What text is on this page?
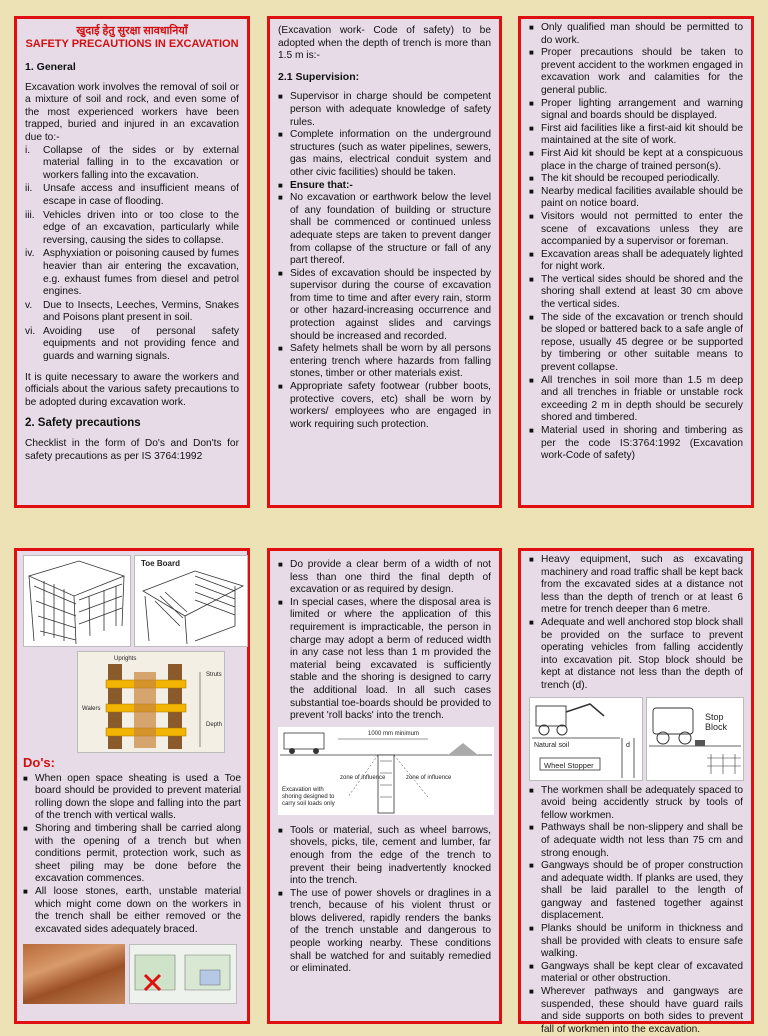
खुदाई हेतु सुरक्षा सावधानियाँ
SAFETY PRECAUTIONS IN EXCAVATION
1. General
Excavation work involves the removal of soil or a mixture of soil and rock, and even some of the most experienced workers have been trapped, buried and injured in an excavation due to:-
i.	Collapse of the sides or by external material falling in to the excavation or workers falling into the excavation.
ii.	Unsafe access and insufficient means of escape in case of flooding.
iii. Vehicles driven into or too close to the edge of an excavation, particularly while reversing, causing the sides to collapse.
iv. Asphyxiation or poisoning caused by fumes heavier than air entering the excavation, e.g. exhaust fumes from diesel and petrol engines.
v.	Due to Insects, Leeches, Vermins, Snakes and Poisons plant present in soil.
vi. Avoiding use of personal safety equipments and not providing fence and guards and warning signals.
It is quite necessary to aware the workers and officials about the various safety precautions to be adopted during excavation work.
2. Safety precautions
Checklist in the form of Do's and Don'ts for safety precautions as per IS 3764:1992
(Excavation work- Code of safety) to be adopted when the depth of trench is more than 1.5 m is:-
2.1 Supervision:
■ Supervisor in charge should be competent person with adequate knowledge of safety rules.
■ Complete information on the underground structures (such as water pipelines, sewers, gas mains, electrical conduit system and other civic facilities) should be taken.
■ Ensure that:-
■ No excavation or earthwork below the level of any foundation of building or structure shall be commenced or continued unless adequate steps are taken to prevent danger from collapse of the structure or fall of any part thereof.
■ Sides of excavation should be inspected by supervisor during the course of excavation from time to time and after every rain, storm or other hazard-increasing occurrence and protection against slides and carvings should be increased and recorded.
■ Safety helmets shall be worn by all persons entering trench where hazards from falling stones, timber or other materials exist.
■ Appropriate safety footwear (rubber boots, protective covers, etc) shall be worn by workers/ employees who are engaged in work requiring such protection.
■ Only qualified man should be permitted to do work.
■ Proper precautions should be taken to prevent accident to the workmen engaged in excavation work and calamities for the general public.
■ Proper lighting arrangement and warning signal and boards should be displayed.
■ First aid facilities like a first-aid kit should be maintained at the site of work.
■ First Aid kit should be kept at a conspicuous place in the charge of trained person(s).
■ The kit should be recouped periodically.
■ Nearby medical facilities available should be paint on notice board.
■ Visitors would not permitted to enter the scene of excavations unless they are accompanied by a supervisor or foreman.
■ Excavation areas shall be adequately lighted for night work.
■ The vertical sides should be shored and the shoring shall extend at least 30 cm above the vertical sides.
■ The side of the excavation or trench should be sloped or battered back to a safe angle of repose, usually 45 degree or be supported by timbering or other suitable means to prevent collapse.
■ All trenches in soil more than 1.5 m deep and all trenches in friable or unstable rock exceeding 2 m in depth should be securely shored and timbered.
■ Material used in shoring and timbering as per the code IS:3764:1992 (Excavation work-Code of safety)
Toe Board
Uprights
Walers
Struts
Depth
Do's:
■ When open space sheating is used a Toe board should be provided to prevent material rolling down the slope and falling into the part of the trench with vertical walls.
■ Shoring and timbering shall be carried along with the opening of a trench but when conditions permit, protection work, such as sheet piling may be done before the excavation commences.
■ All loose stones, earth, unstable material which might come down on the workers in the trench shall be either removed or the excavated sides adequately braced.
■ Do provide a clear berm of a width of not less than one third the final depth of excavation or as required by design.
■ In special cases, where the disposal area is limited or where the application of this requirement is impracticable, the person in charge may adopt a berm of reduced width in any case not less than 1 m provided the material being excavated is sufficiently stable and the shoring is designed to carry the additional load. In all such cases substantial toe-boards should be provided to prevent 'roll backs' into the trench.
1000 mm minimum
Excavation with shoring designed to carry soil loads only
zone of influence	zone of influence
■ Tools or material, such as wheel barrows, shovels, picks, tile, cement and lumber, far enough from the edge of the trench to prevent their being inadvertently knocked into the trench.
■ The use of power shovels or draglines in a trench, because of his violent thrust or blows delivered, rapidly renders the banks of the trench unstable and dangerous to people working nearby. These conditions shall be watched for and suitably remedied or eliminated.
■ Heavy equipment, such as excavating machinery and road traffic shall be kept back from the excavated sides at a distance not less than the depth of trench or at least 6 metre for trench deeper than 6 metre.
■ Adequate and well anchored stop block shall be provided on the surface to prevent operating vehicles from falling accidently into excavation pit. Stop block should be kept at distance not less than the depth of trench (d).
Natural soil
Wheel Stopper
d
Stop Block
■ The workmen shall be adequately spaced to avoid being accidently struck by tools of fellow workmen.
■ Pathways shall be non-slippery and shall be of adequate width not less than 75 cm and strong enough.
■ Gangways should be of proper construction and adequate width. If planks are used, they shall be laid parallel to the length of gangway and fastened together against displacement.
■ Planks should be uniform in thickness and shall be provided with cleats to ensure safe walking.
■ Gangways shall be kept clear of excavated material or other obstruction.
■ Wherever pathways and gangways are suspended, these should have guard rails and side supports on both sides to prevent fall of workmen into the excavation.
